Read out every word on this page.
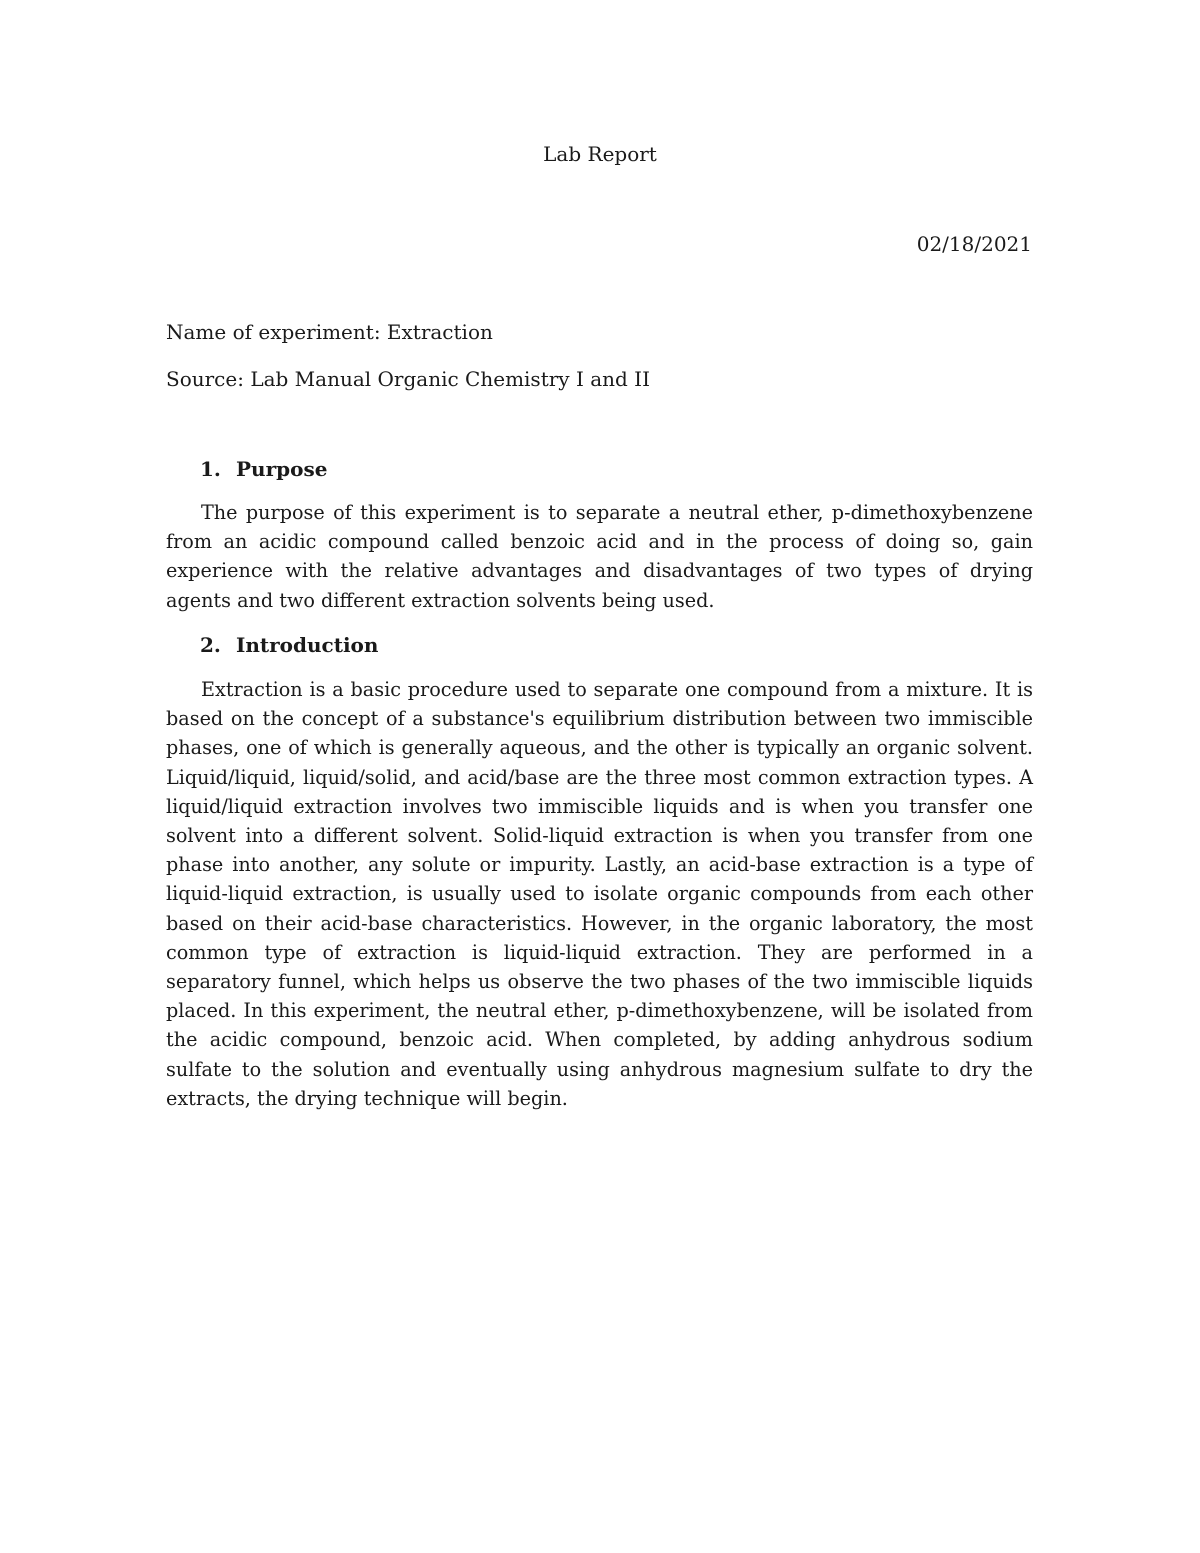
Lab Report
02/18/2021
Name of experiment: Extraction
Source: Lab Manual Organic Chemistry I and II
1. Purpose

The purpose of this experiment is to separate a neutral ether, p-dimethoxybenzene from an acidic compound called benzoic acid and in the process of doing so, gain experience with the relative advantages and disadvantages of two types of drying agents and two different extraction solvents being used.

2. Introduction

Extraction is a basic procedure used to separate one compound from a mixture. It is based on the concept of a substance's equilibrium distribution between two immiscible phases, one of which is generally aqueous, and the other is typically an organic solvent. Liquid/liquid, liquid/solid, and acid/base are the three most common extraction types. A liquid/liquid extraction involves two immiscible liquids and is when you transfer one solvent into a different solvent. Solid-liquid extraction is when you transfer from one phase into another, any solute or impurity. Lastly, an acid-base extraction is a type of liquid-liquid extraction, is usually used to isolate organic compounds from each other based on their acid-base characteristics. However, in the organic laboratory, the most common type of extraction is liquid-liquid extraction. They are performed in a separatory funnel, which helps us observe the two phases of the two immiscible liquids placed. In this experiment, the neutral ether, p-dimethoxybenzene, will be isolated from the acidic compound, benzoic acid. When completed, by adding anhydrous sodium sulfate to the solution and eventually using anhydrous magnesium sulfate to dry the extracts, the drying technique will begin.
